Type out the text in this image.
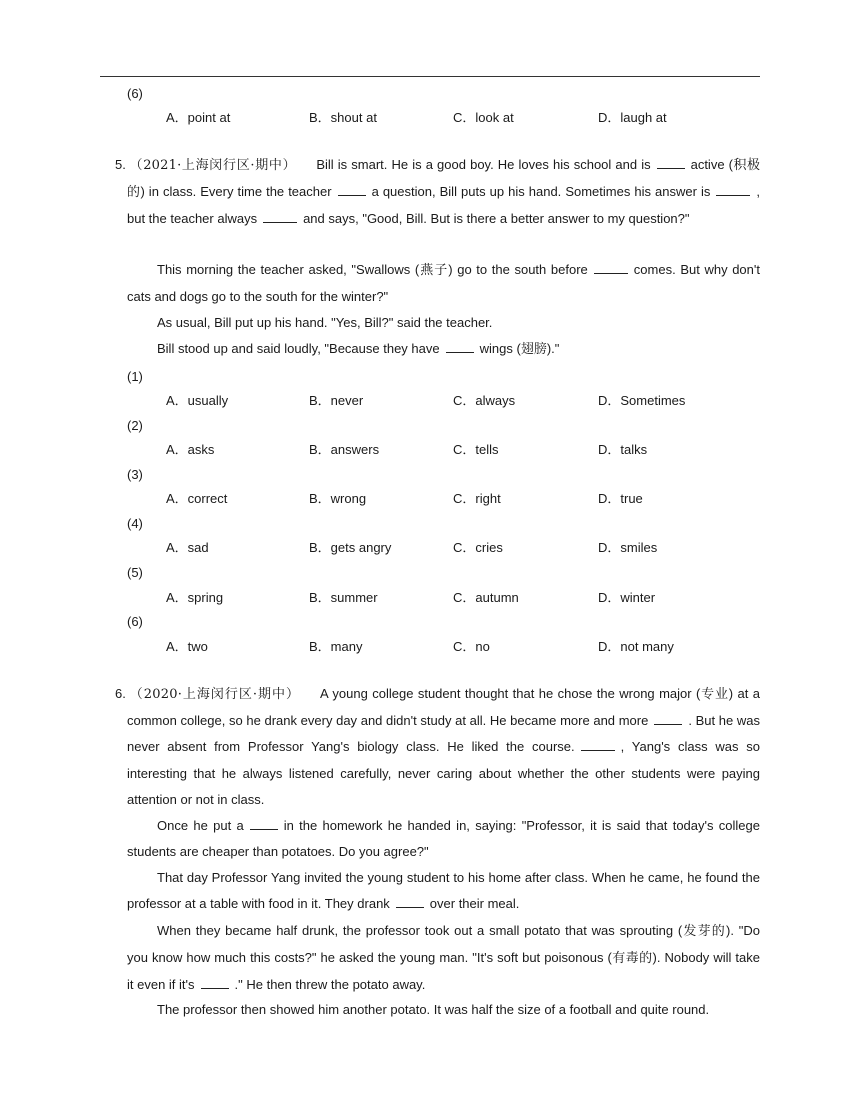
(6)
A．point at	B．shout at	C．look at	D．laugh at
5. （2021·上海闵行区·期中） Bill is smart. He is a good boy. He loves his school and is	active (积极的) in class. Every time the teacher	a question, Bill puts up his hand. Sometimes his answer is	, but the teacher always	and says, "Good, Bill. But is there a better answer to my question?"
This morning the teacher asked, "Swallows (燕子) go to the south before	comes. But why don't cats and dogs go to the south for the winter?"
As usual, Bill put up his hand. "Yes, Bill?" said the teacher.
Bill stood up and said loudly, "Because they have	wings (翅膀)."
(1)
A．usually	B．never	C．always	D．Sometimes
(2)
A．asks	B．answers	C．tells	D．talks
(3)
A．correct	B．wrong	C．right	D．true
(4)
A．sad	B．gets angry	C．cries	D．smiles
(5)
A．spring	B．summer	C．autumn	D．winter
(6)
A．two	B．many	C．no	D．not many
6. （2020·上海闵行区·期中） A young college student thought that he chose the wrong major (专业) at a common college, so he drank every day and didn't study at all. He became more and more	. But he was never absent from Professor Yang's biology class. He liked the course.	, Yang's class was so interesting that he always listened carefully, never caring about whether the other students were paying attention or not in class.
Once he put a	in the homework he handed in, saying: "Professor, it is said that today's college students are cheaper than potatoes. Do you agree?"
That day Professor Yang invited the young student to his home after class. When he came, he found the professor at a table with food in it. They drank	over their meal.
When they became half drunk, the professor took out a small potato that was sprouting (发芽的). "Do you know how much this costs?" he asked the young man. "It's soft but poisonous (有毒的). Nobody will take it even if it's	." He then threw the potato away.
The professor then showed him another potato. It was half the size of a football and quite round.
